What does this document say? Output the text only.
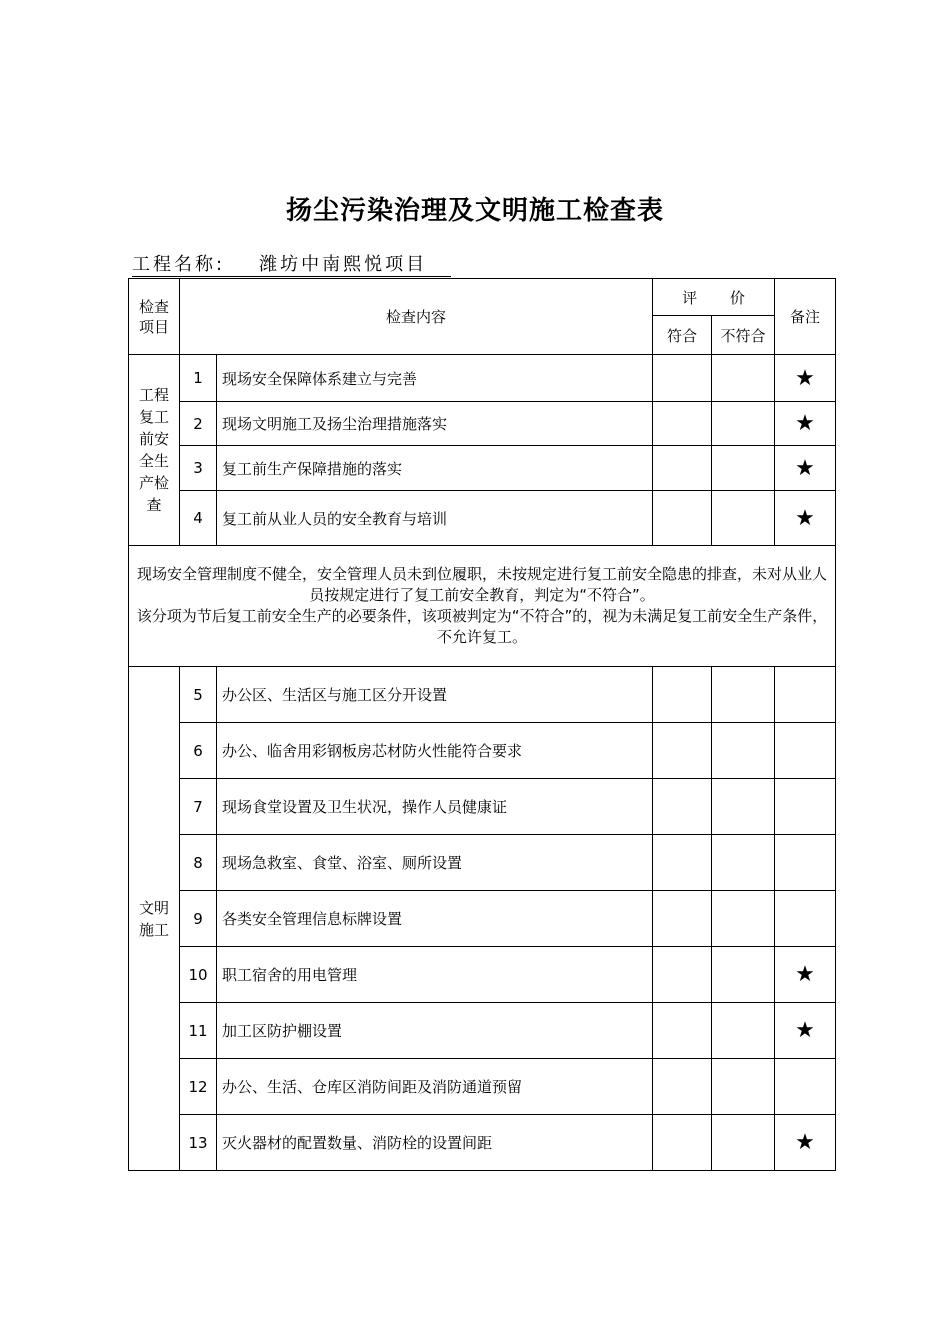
扬尘污染治理及文明施工检查表
工程名称: 潍坊中南熙悦项目
检查项目	检查内容		评 价		备注
			符合	不符合	
工程复工前安全生产检查	1	现场安全保障体系建立与完善			★
	2	现场文明施工及扬尘治理措施落实			★
	3	复工前生产保障措施的落实			★
	4	复工前从业人员的安全教育与培训			★

现场安全管理制度不健全，安全管理人员未到位履职，未按规定进行复工前安全隐患的排查，未对从业人员按规定进行了复工前安全教育，判定为“不符合”。
该分项为节后复工前安全生产的必要条件，该项被判定为“不符合”的，视为未满足复工前安全生产条件，不允许复工。					

文明施工	5	办公区、生活区与施工区分开设置			
	6	办公、临舍用彩钢板房芯材防火性能符合要求			
	7	现场食堂设置及卫生状况，操作人员健康证			
	8	现场急救室、食堂、浴室、厕所设置			
	9	各类安全管理信息标牌设置			
	10	职工宿舍的用电管理			★
	11	加工区防护棚设置			★
	12	办公、生活、仓库区消防间距及消防通道预留			
	13	灭火器材的配置数量、消防栓的设置间距			★
